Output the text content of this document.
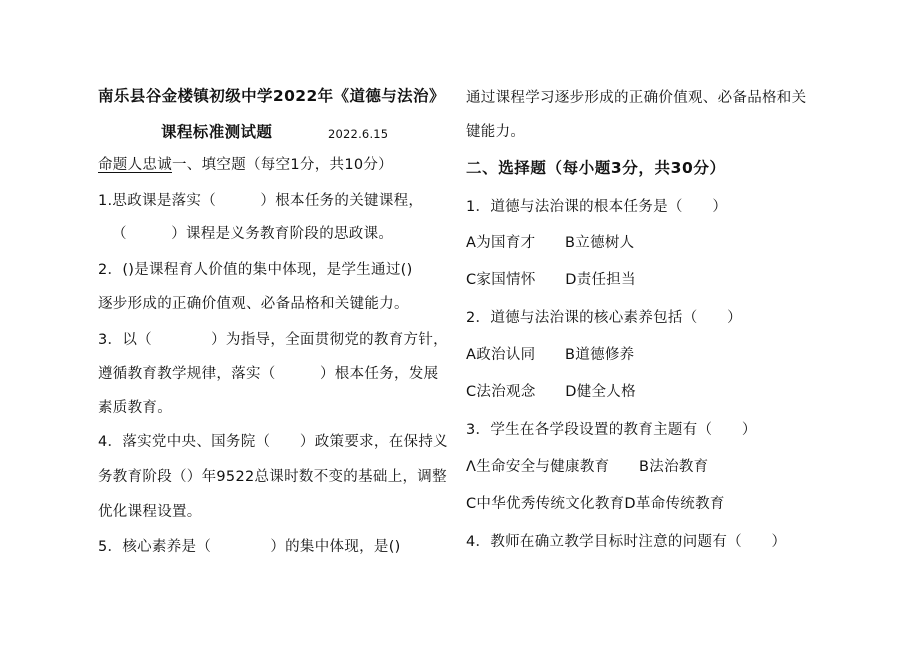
南乐县谷金楼镇初级中学2022年《道德与法治》
课程标准测试题	2022.6.15
命题人忠诚一、填空题（每空1分，共10分）
1.思政课是落实（　　　）根本任务的关键课程，
（　　　）课程是义务教育阶段的思政课。
2．()是课程育人价值的集中体现，是学生通过()
逐步形成的正确价值观、必备品格和关键能力。
3．以（　　　　）为指导，全面贯彻党的教育方针，
遵循教育教学规律，落实（　　　）根本任务，发展
素质教育。
4．落实党中央、国务院（　　）政策要求，在保持义
务教育阶段（）年9522总课时数不变的基础上，调整
优化课程设置。
5．核心素养是（　　　　）的集中体现，是()
通过课程学习逐步形成的正确价值观、必备品格和关
键能力。
二、选择题（每小题3分，共30分）
1．道德与法治课的根本任务是（　　）
A为国育才　　B立德树人
C家国情怀　　D责任担当
2．道德与法治课的核心素养包括（　　）
A政治认同　　B道德修养
C法治观念　　D健全人格
3．学生在各学段设置的教育主题有（　　）
Λ生命安全与健康教育　　B法治教育
C中华优秀传统文化教育D革命传统教育
4．教师在确立教学目标时注意的问题有（　　）
